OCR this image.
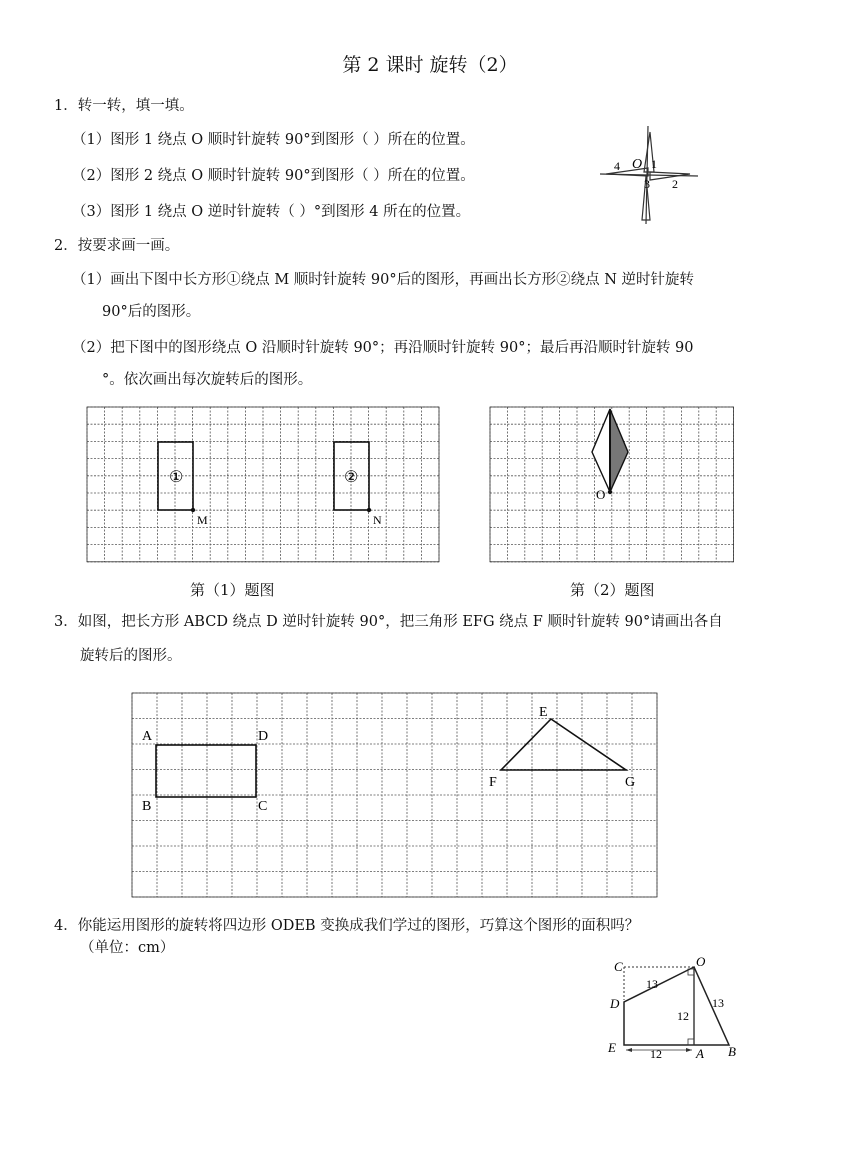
第 2 课时 旋转（2）
1．转一转，填一填。
（1）图形 1 绕点 O 顺时针旋转 90°到图形（ ）所在的位置。
（2）图形 2 绕点 O 顺时针旋转 90°到图形（ ）所在的位置。
（3）图形 1 绕点 O 逆时针旋转（ ）°到图形 4 所在的位置。
O 1
2
3
4
2．按要求画一画。
（1）画出下图中长方形①绕点 M 顺时针旋转 90°后的图形，再画出长方形②绕点 N 逆时针旋转
90°后的图形。
（2）把下图中的图形绕点 O 沿顺时针旋转 90°；再沿顺时针旋转 90°；最后再沿顺时针旋转 90
°。依次画出每次旋转后的图形。
①	②
M	N
第（1）题图
O
第（2）题图
3．如图，把长方形 ABCD 绕点 D 逆时针旋转 90°，把三角形 EFG 绕点 F 顺时针旋转 90°请画出各自
旋转后的图形。
A
B	C
D
E
F	G
4．你能运用图形的旋转将四边形 ODEB 变换成我们学过的图形，巧算这个图形的面积吗？
（单位：cm）
C	O
D
E	A B
13
13
12
12
